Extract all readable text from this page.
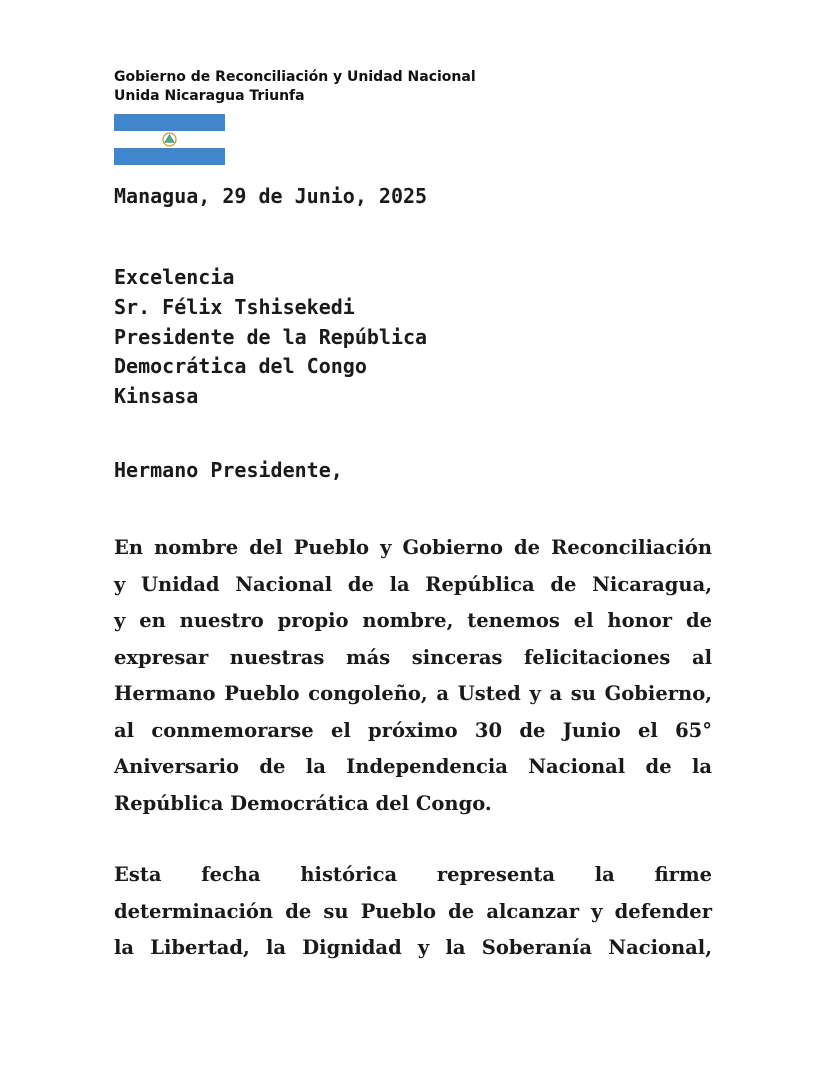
Gobierno de Reconciliación y Unidad Nacional
Unida Nicaragua Triunfa
Managua, 29 de Junio, 2025
Excelencia
Sr. Félix Tshisekedi
Presidente de la República
Democrática del Congo
Kinsasa
Hermano Presidente,
En nombre del Pueblo y Gobierno de Reconciliación
y Unidad Nacional de la República de Nicaragua,
y en nuestro propio nombre, tenemos el honor de
expresar nuestras más sinceras felicitaciones al
Hermano Pueblo congoleño, a Usted y a su Gobierno,
al conmemorarse el próximo 30 de Junio el 65°
Aniversario de la Independencia Nacional de la
República Democrática del Congo.
Esta fecha histórica representa la firme
determinación de su Pueblo de alcanzar y defender
la Libertad, la Dignidad y la Soberanía Nacional,
